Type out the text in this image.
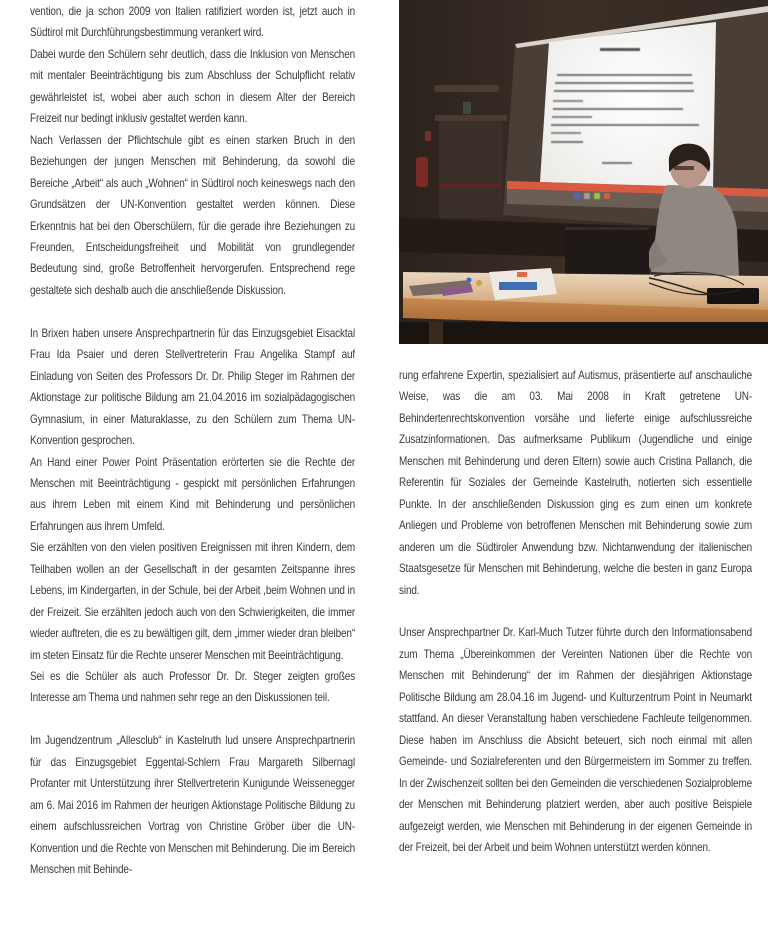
vention, die ja schon 2009 von Italien ratifiziert worden ist, jetzt auch in Südtirol mit Durchführungsbestimmung verankert wird.

Dabei wurde den Schülern sehr deutlich, dass die Inklusion von Menschen mit mentaler Beeinträchtigung bis zum Abschluss der Schulpflicht relativ gewährleistet ist, wobei aber auch schon in diesem Alter der Bereich Freizeit nur bedingt inklusiv gestaltet werden kann.

Nach Verlassen der Pflichtschule gibt es einen starken Bruch in den Beziehungen der jungen Menschen mit Behinderung, da sowohl die Bereiche „Arbeit“ als auch „Wohnen“ in Südtirol noch keineswegs nach den Grundsätzen der UN-Konvention gestaltet werden können. Diese Erkenntnis hat bei den Oberschülern, für die gerade ihre Beziehungen zu Freunden, Entscheidungsfreiheit und Mobilität von grundlegender Bedeutung sind, große Betroffenheit hervorgerufen. Entsprechend rege gestaltete sich deshalb auch die anschließende Diskussion.

In Brixen haben unsere Ansprechpartnerin für das Einzugsgebiet Eisacktal Frau Ida Psaier und deren Stellvertreterin Frau Angelika Stampf auf Einladung von Seiten des Professors Dr. Dr. Philip Steger im Rahmen der Aktionstage zur politische Bildung am 21.04.2016 im sozialpädagogischen Gymnasium, in einer Maturaklasse, zu den Schülern zum Thema UN-Konvention gesprochen.

An Hand einer Power Point Präsentation erörterten sie die Rechte der Menschen mit Beeinträchtigung - gespickt mit persönlichen Erfahrungen aus ihrem Leben mit einem Kind mit Behinderung und persönlichen Erfahrungen aus ihrem Umfeld.

Sie erzählten von den vielen positiven Ereignissen mit ihren Kindern, dem Teilhaben wollen an der Gesellschaft in der gesamten Zeitspanne ihres Lebens, im Kindergarten, in der Schule, bei der Arbeit ,beim Wohnen und in der Freizeit. Sie erzählten jedoch auch von den Schwierigkeiten, die immer wieder auftreten, die es zu bewältigen gilt, dem „immer wieder dran bleiben“ im steten Einsatz für die Rechte unserer Menschen mit Beeinträchtigung.

Sei es die Schüler als auch Professor Dr. Dr. Steger zeigten großes Interesse am Thema und nahmen sehr rege an den Diskussionen teil.

Im Jugendzentrum „Allesclub“ in Kastelruth lud unsere Ansprechpartnerin für das Einzugsgebiet Eggental-Schlern Frau Margareth Silbernagl Profanter mit Unterstützung ihrer Stellvertreterin Kunigunde Weissenegger am 6. Mai 2016 im Rahmen der heurigen Aktionstage Politische Bildung zu einem aufschlussreichen Vortrag von Christine Gröber über die UN-Konvention und die Rechte von Menschen mit Behinderung. Die im Bereich Menschen mit Behinde-

rung erfahrene Expertin, spezialisiert auf Autismus, präsentierte auf anschauliche Weise, was die am 03. Mai 2008 in Kraft getretene UN-Behindertenrechtskonvention vorsähe und lieferte einige aufschlussreiche Zusatzinformationen. Das aufmerksame Publikum (Jugendliche und einige Menschen mit Behinderung und deren Eltern) sowie auch Cristina Pallanch, die Referentin für Soziales der Gemeinde Kastelruth, notierten sich essentielle Punkte. In der anschließenden Diskussion ging es zum einen um konkrete Anliegen und Probleme von betroffenen Menschen mit Behinderung sowie zum anderen um die Südtiroler Anwendung bzw. Nichtanwendung der italienischen Staatsgesetze für Menschen mit Behinderung, welche die besten in ganz Europa sind.

Unser Ansprechpartner Dr. Karl-Much Tutzer führte durch den Informationsabend zum Thema „Übereinkommen der Vereinten Nationen über die Rechte von Menschen mit Behinderung“ der im Rahmen der diesjährigen Aktionstage Politische Bildung am 28.04.16 im Jugend- und Kulturzentrum Point in Neumarkt stattfand. An dieser Veranstaltung haben verschiedene Fachleute teilgenommen. Diese haben im Anschluss die Absicht beteuert, sich noch einmal mit allen Gemeinde- und Sozialreferenten und den Bürgermeistern im Sommer zu treffen. In der Zwischenzeit sollten bei den Gemeinden die verschiedenen Sozialprobleme der Menschen mit Behinderung platziert werden, aber auch positive Beispiele aufgezeigt werden, wie Menschen mit Behinderung in der eigenen Gemeinde in der Freizeit, bei der Arbeit und beim Wohnen unterstützt werden können.
